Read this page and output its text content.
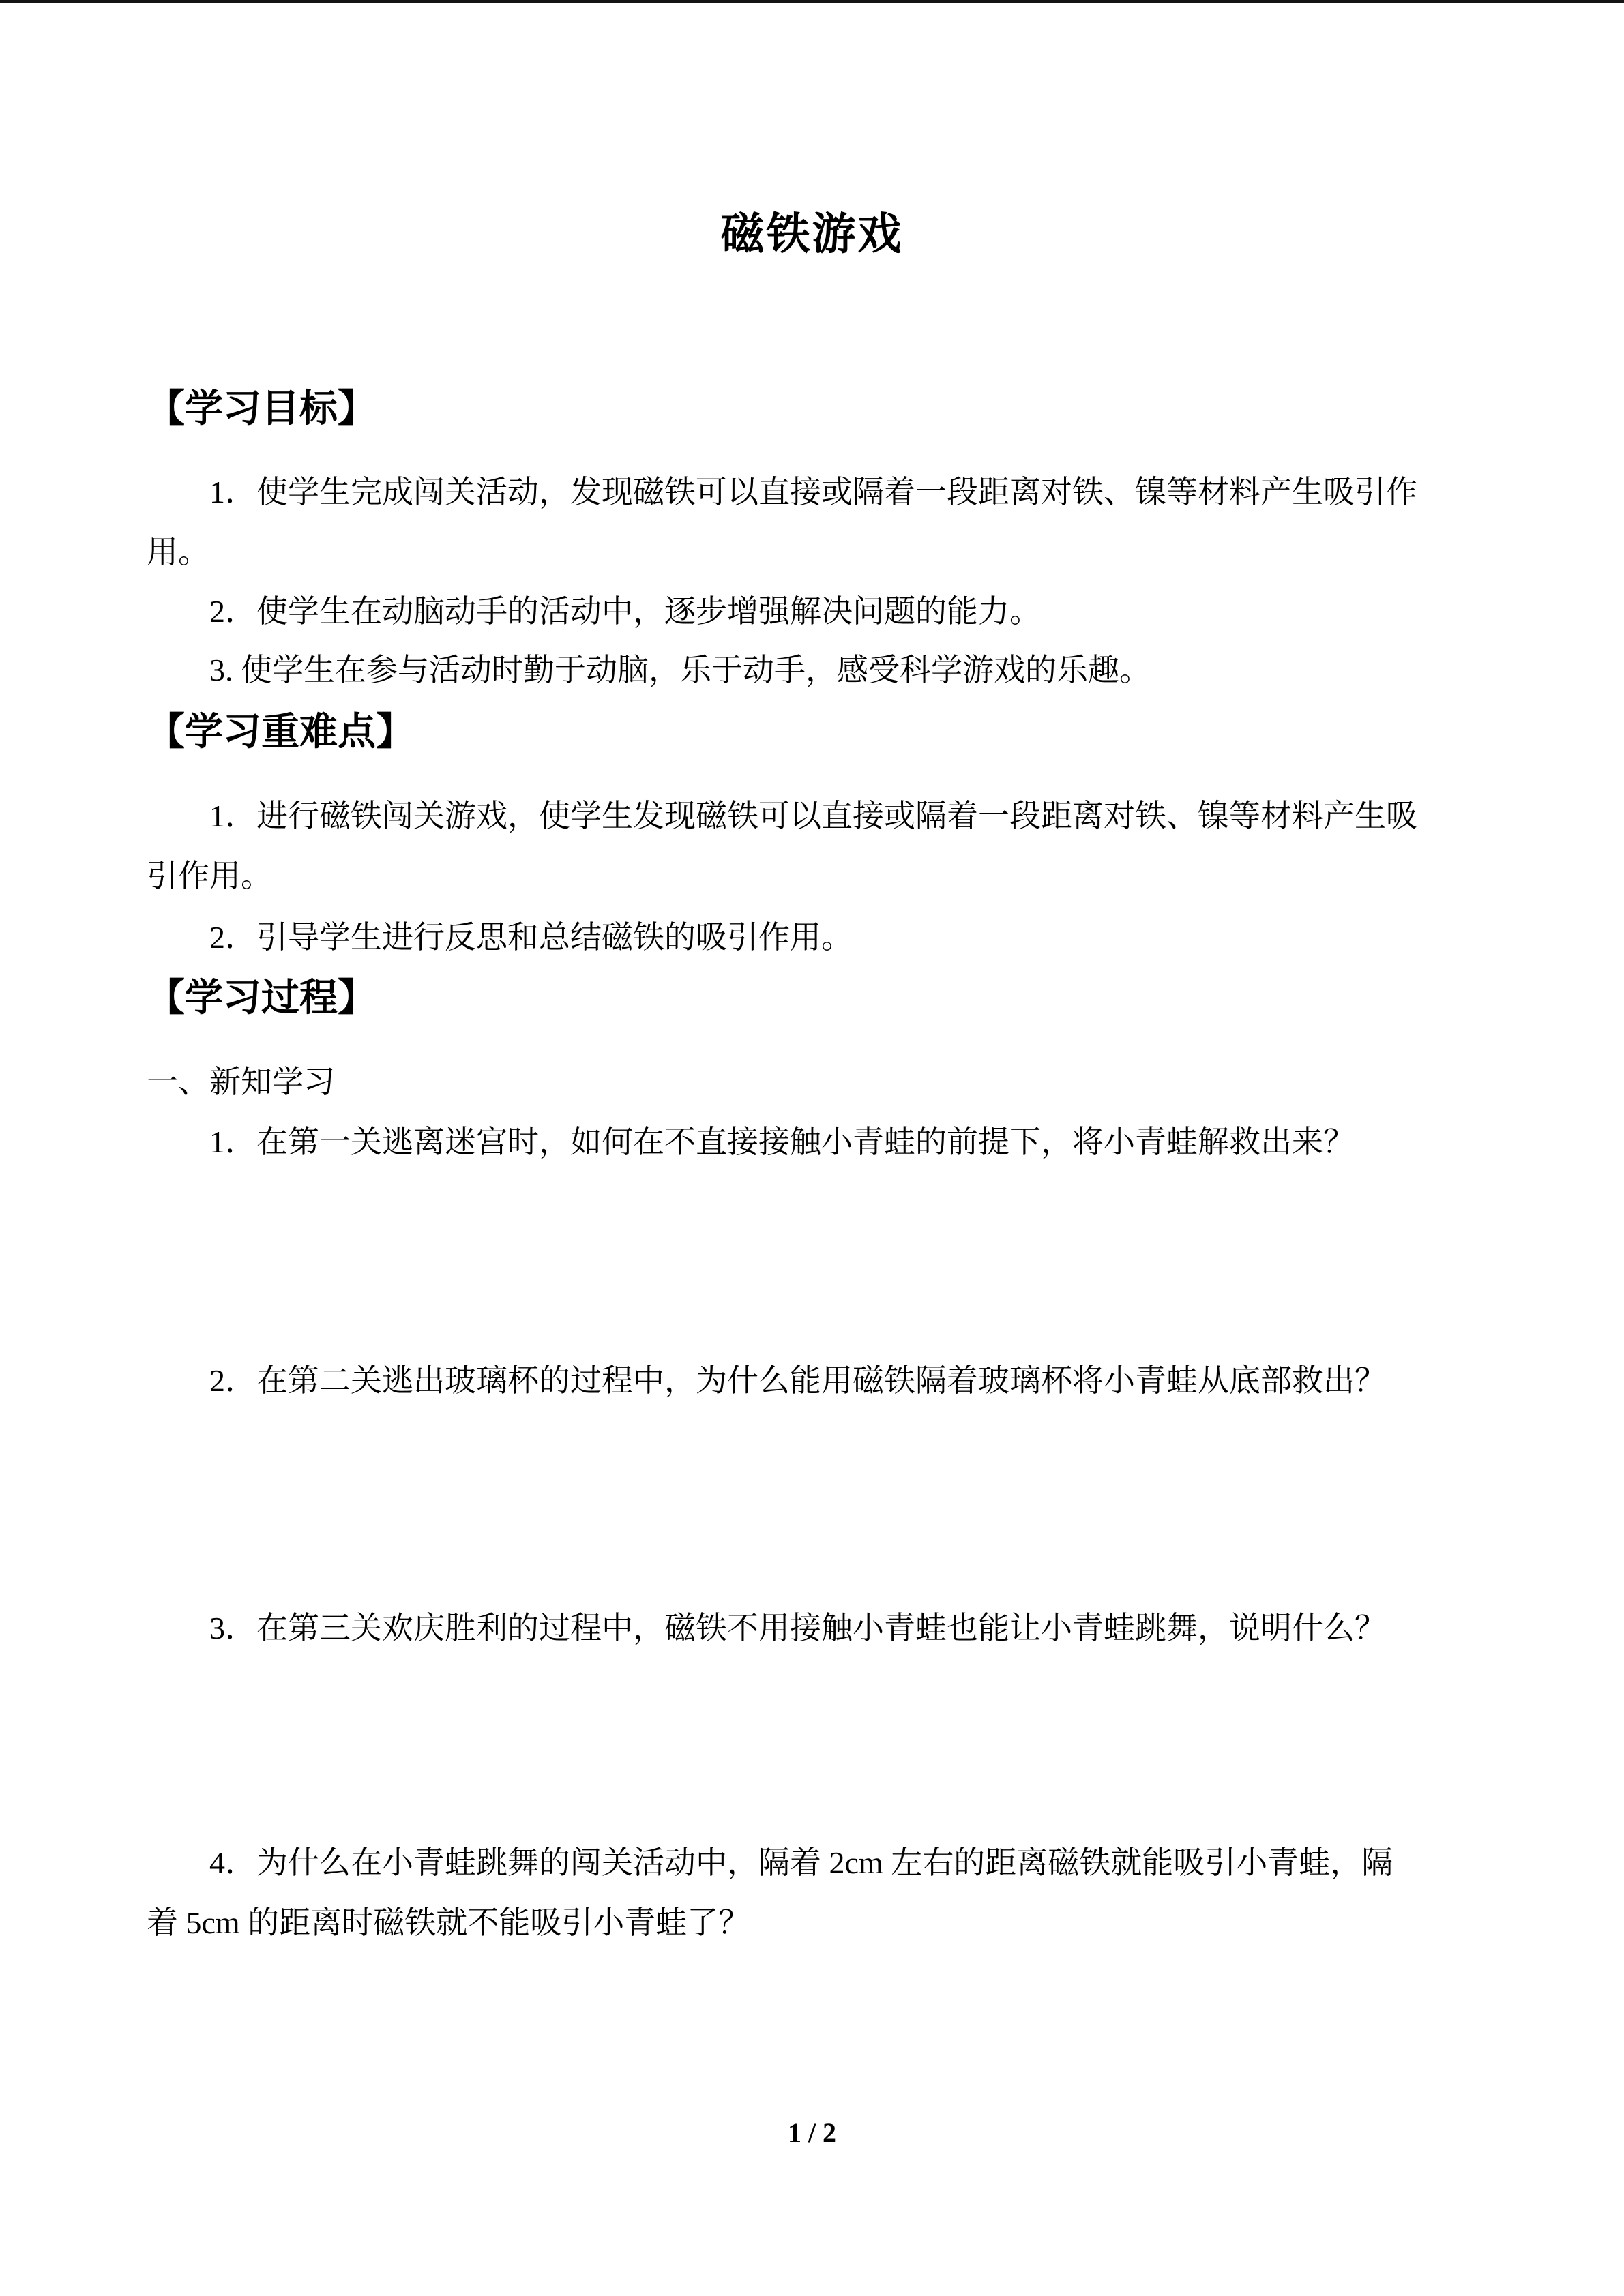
磁铁游戏
【学习目标】
1．使学生完成闯关活动，发现磁铁可以直接或隔着一段距离对铁、镍等材料产生吸引作
用。
2．使学生在动脑动手的活动中，逐步增强解决问题的能力。
3. 使学生在参与活动时勤于动脑，乐于动手，感受科学游戏的乐趣。
【学习重难点】
1．进行磁铁闯关游戏，使学生发现磁铁可以直接或隔着一段距离对铁、镍等材料产生吸
引作用。
2．引导学生进行反思和总结磁铁的吸引作用。
【学习过程】
一、新知学习
1．在第一关逃离迷宫时，如何在不直接接触小青蛙的前提下，将小青蛙解救出来？
2．在第二关逃出玻璃杯的过程中，为什么能用磁铁隔着玻璃杯将小青蛙从底部救出？
3．在第三关欢庆胜利的过程中，磁铁不用接触小青蛙也能让小青蛙跳舞，说明什么？
4．为什么在小青蛙跳舞的闯关活动中，隔着 2cm 左右的距离磁铁就能吸引小青蛙，隔
着 5cm 的距离时磁铁就不能吸引小青蛙了？
1 / 2
